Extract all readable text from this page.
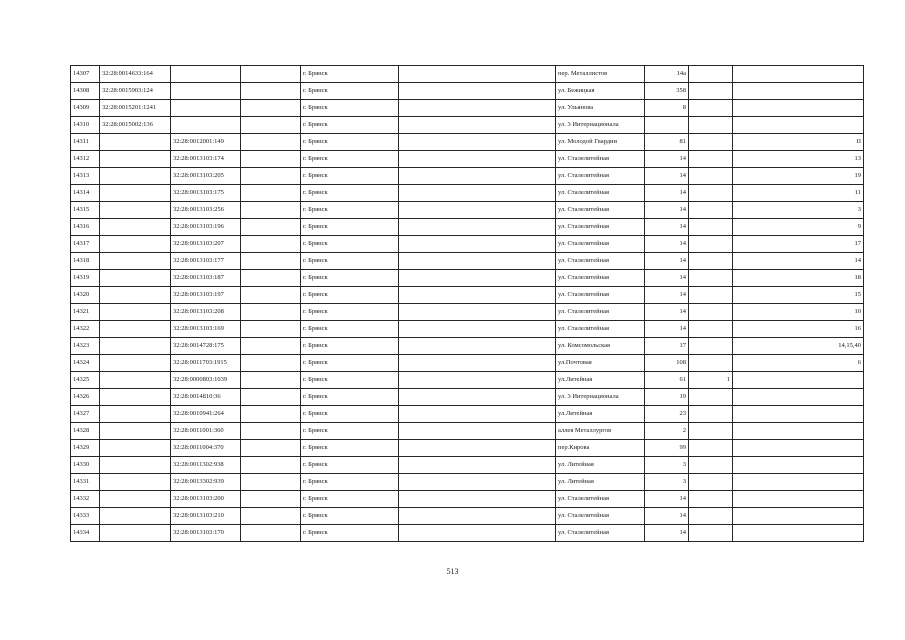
14307	32:28:0014633:164			г. Брянск		пер. Металлистов	14а		
14308	32:28:0015903:124			г. Брянск		ул. Бежицкая	358		
14309	32:28:0015201:1241			г. Брянск		ул. Ульянова	8		
14310	32:28:0015002:136			г. Брянск		ул. 3 Интернационала			
14311		32:28:0012001:149		г. Брянск		ул. Молодой Гвардии	81		II
14312		32:28:0013103:174		г. Брянск		ул. Сталелитейная	14		13
14313		32:28:0013103:205		г. Брянск		ул. Сталелитейная	14		19
14314		32:28:0013103:175		г. Брянск		ул. Сталелитейная	14		11
14315		32:28:0013103:256		г. Брянск		ул. Сталелитейная	14		3
14316		32:28:0013103:196		г. Брянск		ул. Сталелитейная	14		9
14317		32:28:0013103:207		г. Брянск		ул. Сталелитейная	14		17
14318		32:28:0013103:177		г. Брянск		ул. Сталелитейная	14		14
14319		32:28:0013103:187		г. Брянск		ул. Сталелитейная	14		18
14320		32:28:0013103:197		г. Брянск		ул. Сталелитейная	14		15
14321		32:28:0013103:208		г. Брянск		ул. Сталелитейная	14		10
14322		32:28:0013103:169		г. Брянск		ул. Сталелитейная	14		16
14323		32:28:0014728:175		г. Брянск		ул. Комсомольская	17		14,15,40
14324		32:28:0011703:1915		г. Брянск		ул.Почтовая	108		6
14325		32:28:0000803:1039		г. Брянск		ул.Литейная	61	1	
14326		32:28:0014810:36		г. Брянск		ул. 3 Интернационала	19		
14327		32:28:0010941:264		г. Брянск		ул.Литейная	23		
14328		32:28:0011001:360		г. Брянск		аллея Металлургов	2		
14329		32:28:0011004:370		г. Брянск		пер.Кирова	99		
14330		32:28:0011302:938		г. Брянск		ул. Литейная	3		
14331		32:28:0013302:939		г. Брянск		ул. Литейная	3		
14332		32:28:0013103:200		г. Брянск		ул. Сталелитейная	14		
14333		32:28:0013103:210		г. Брянск		ул. Сталелитейная	14		
14334		32:28:0013103:170		г. Брянск		ул. Сталелитейная	14		
513
